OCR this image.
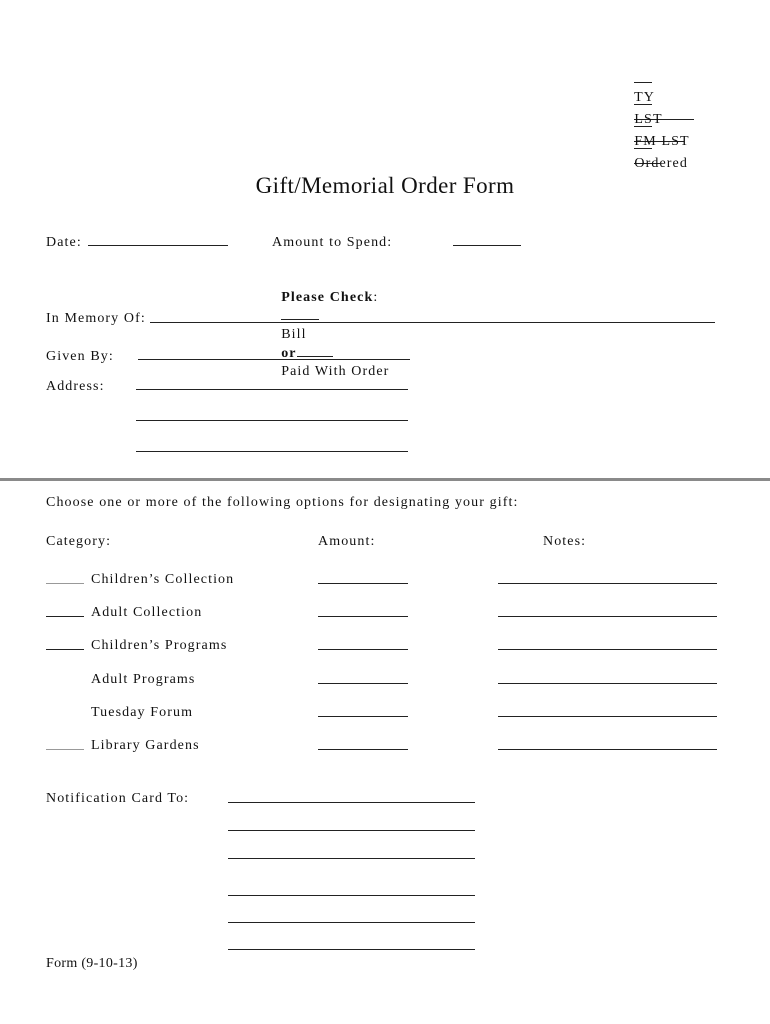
TY

LST

FM LST

Ordered

Gift/Memorial Order Form
Date:	Amount to Spend:

Please Check:

Bill
or
Paid With Order

In Memory Of:
Given By:
Address:
Choose one or more of the following options for designating your gift:
Category:	Amount:	Notes:
Children’s Collection
Adult Collection
Children’s Programs
Adult Programs
Tuesday Forum
Library Gardens
Notification Card To:
Form (9-10-13)
